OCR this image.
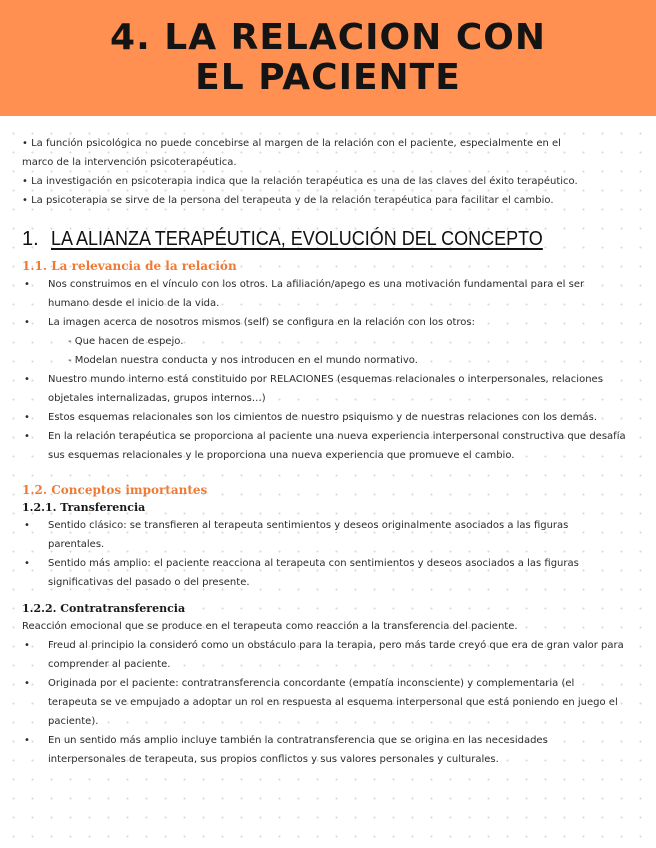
4. LA RELACION CON
EL PACIENTE
• La función psicológica no puede concebirse al margen de la relación con el paciente, especialmente en el
marco de la intervención psicoterapéutica.
• La investigación en psicoterapia indica que la relación terapéutica es una de las claves del éxito terapéutico.
• La psicoterapia se sirve de la persona del terapeuta y de la relación terapéutica para facilitar el cambio.
1. LA ALIANZA TERAPÉUTICA, EVOLUCIÓN DEL CONCEPTO
1.1. La relevancia de la relación
• Nos construimos en el vínculo con los otros. La afiliación/apego es una motivación fundamental para el ser humano desde el inicio de la vida.
• La imagen acerca de nosotros mismos (self) se configura en la relación con los otros:
- Que hacen de espejo.
- Modelan nuestra conducta y nos introducen en el mundo normativo.
• Nuestro mundo interno está constituido por RELACIONES (esquemas relacionales o interpersonales, relaciones objetales internalizadas, grupos internos…)
• Estos esquemas relacionales son los cimientos de nuestro psiquismo y de nuestras relaciones con los demás.
• En la relación terapéutica se proporciona al paciente una nueva experiencia interpersonal constructiva que desafía sus esquemas relacionales y le proporciona una nueva experiencia que promueve el cambio.
1.2. Conceptos importantes
1.2.1. Transferencia
• Sentido clásico: se transfieren al terapeuta sentimientos y deseos originalmente asociados a las figuras parentales.
• Sentido más amplio: el paciente reacciona al terapeuta con sentimientos y deseos asociados a las figuras significativas del pasado o del presente.
1.2.2. Contratransferencia
Reacción emocional que se produce en el terapeuta como reacción a la transferencia del paciente.
• Freud al principio la consideró como un obstáculo para la terapia, pero más tarde creyó que era de gran valor para comprender al paciente.
• Originada por el paciente: contratransferencia concordante (empatía inconsciente) y complementaria (el terapeuta se ve empujado a adoptar un rol en respuesta al esquema interpersonal que está poniendo en juego el paciente).
• En un sentido más amplio incluye también la contratransferencia que se origina en las necesidades interpersonales de terapeuta, sus propios conflictos y sus valores personales y culturales.
